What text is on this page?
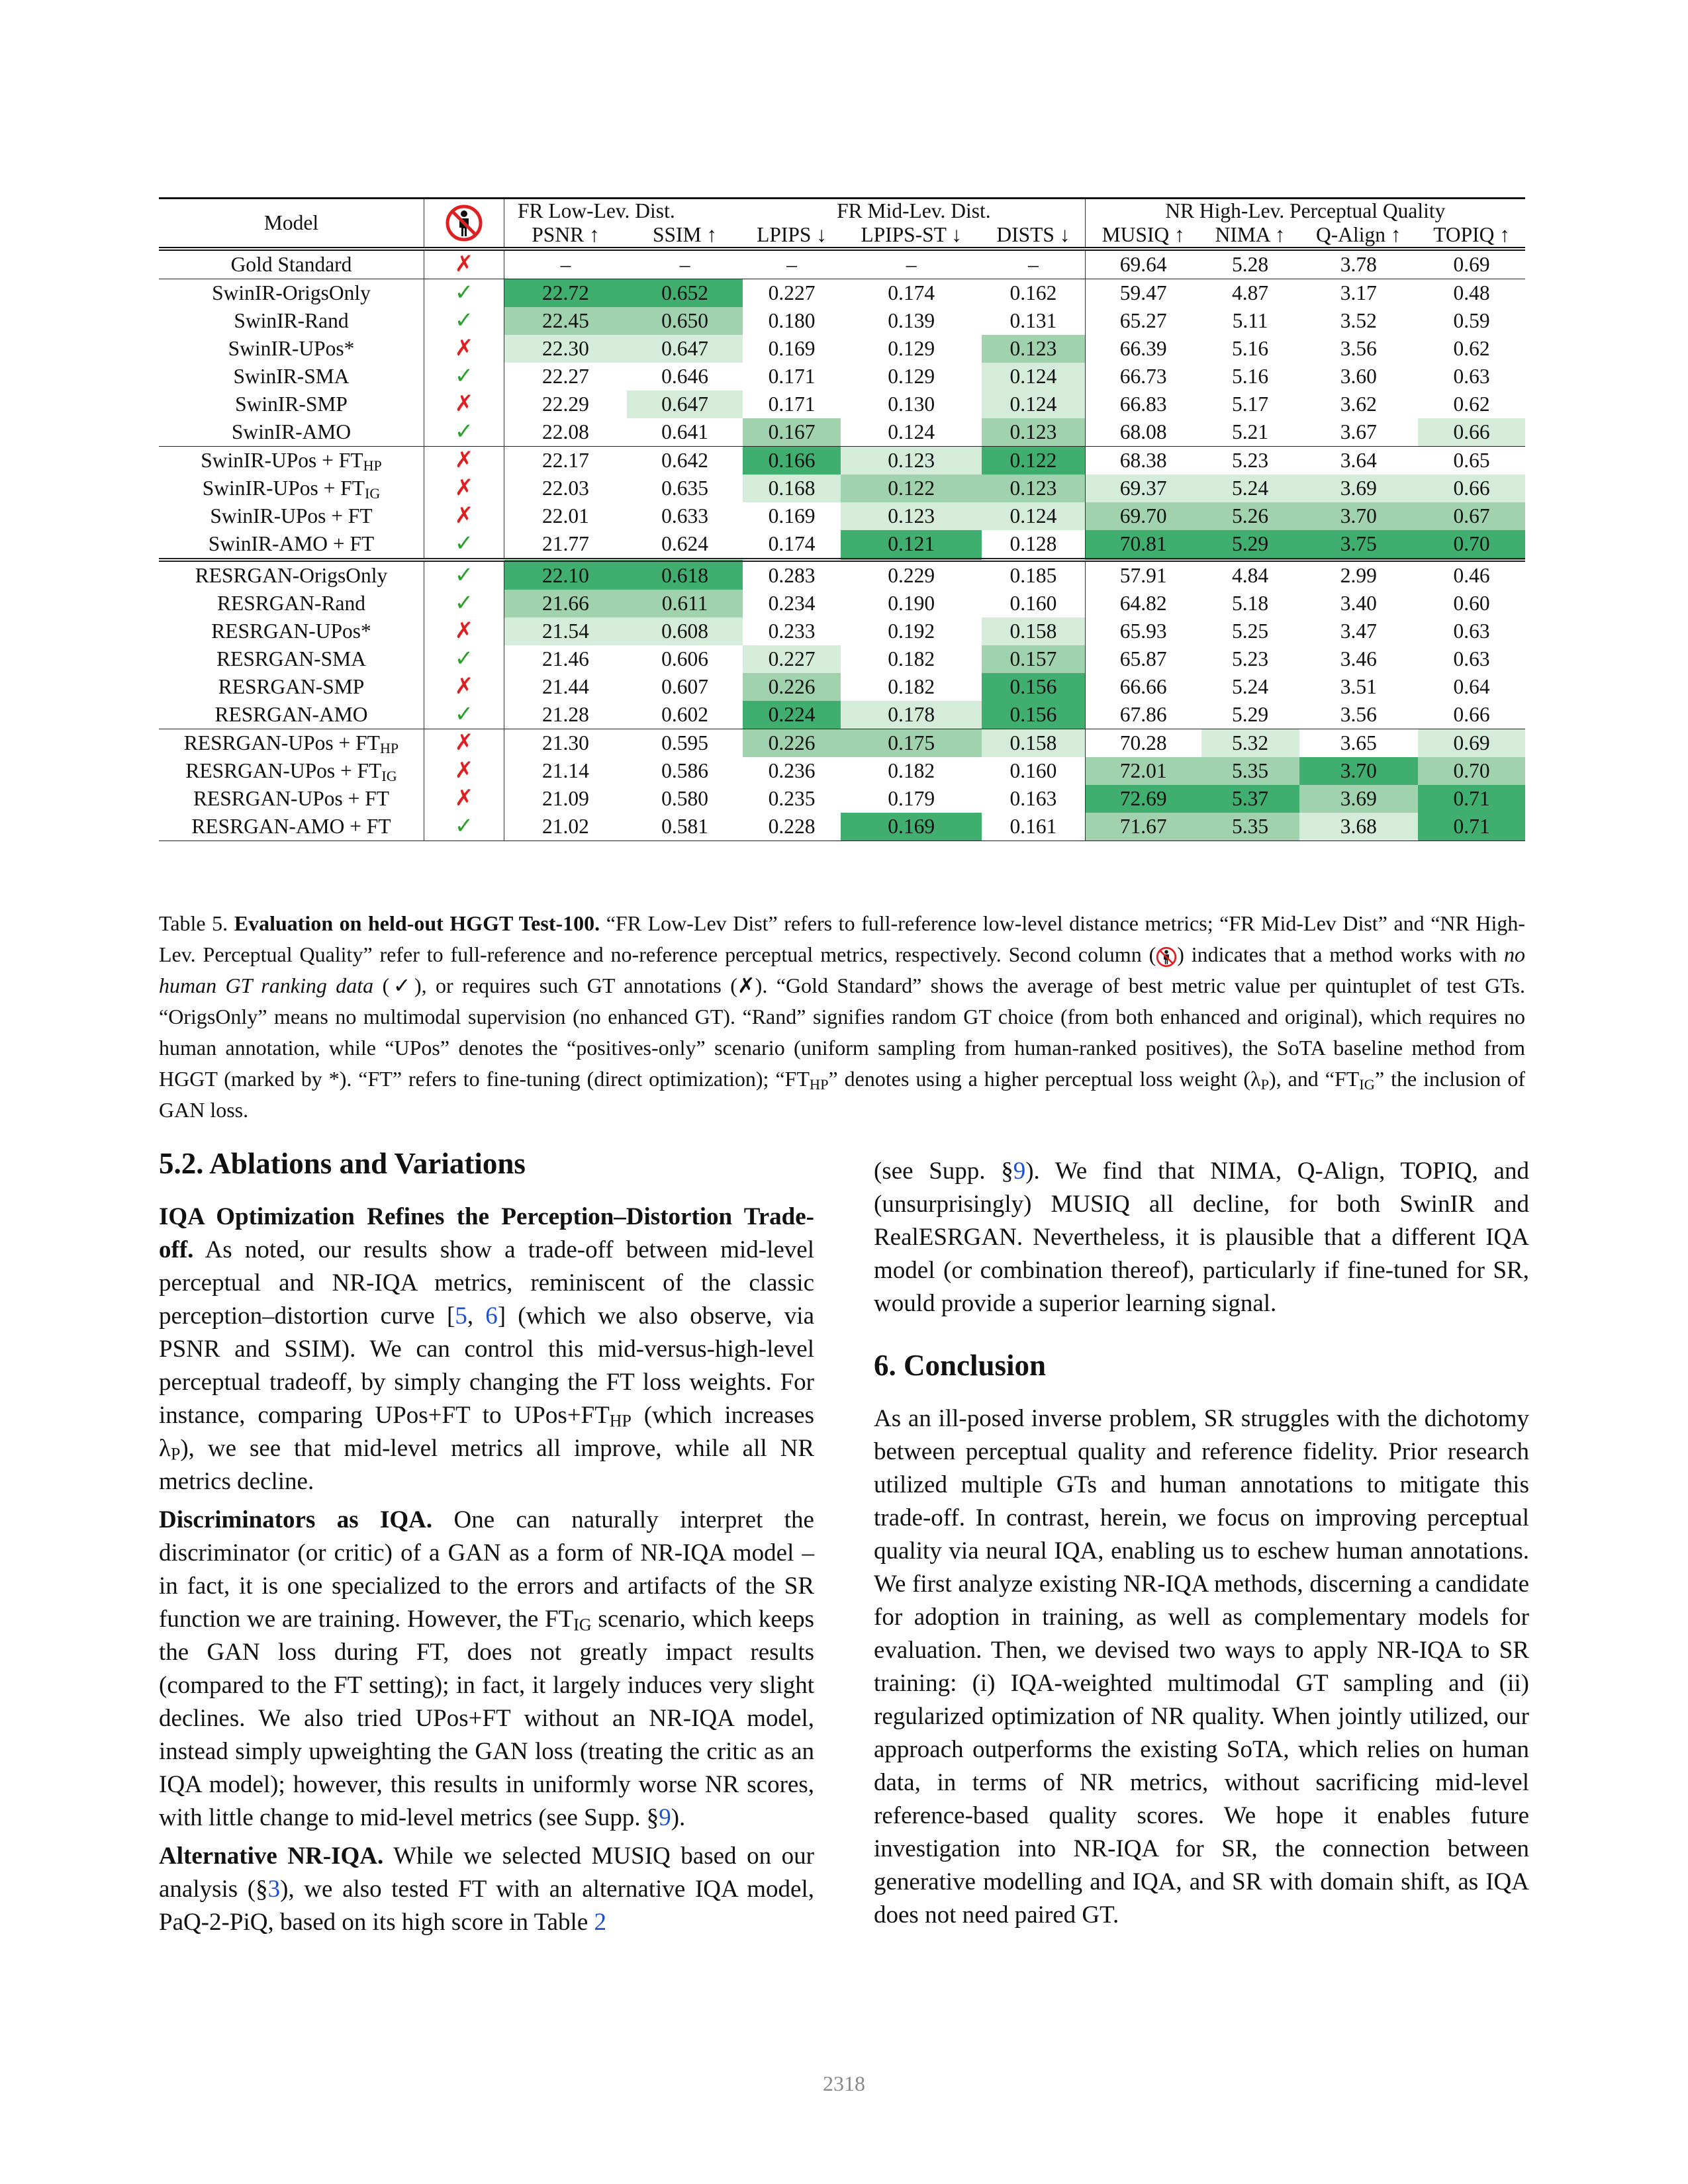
Model		FR Low-Lev. Dist.		FR Mid-Lev. Dist.			NR High-Lev. Perceptual Quality			
		PSNR ↑	SSIM ↑	LPIPS ↓	LPIPS-ST ↓	DISTS ↓	MUSIQ ↑	NIMA ↑	Q-Align ↑	TOPIQ ↑
Gold Standard	✗	–	–	–	–	–	69.64	5.28	3.78	0.69
SwinIR-OrigsOnly	✓	22.72	0.652	0.227	0.174	0.162	59.47	4.87	3.17	0.48
SwinIR-Rand	✓	22.45	0.650	0.180	0.139	0.131	65.27	5.11	3.52	0.59
SwinIR-UPos*	✗	22.30	0.647	0.169	0.129	0.123	66.39	5.16	3.56	0.62
SwinIR-SMA	✓	22.27	0.646	0.171	0.129	0.124	66.73	5.16	3.60	0.63
SwinIR-SMP	✗	22.29	0.647	0.171	0.130	0.124	66.83	5.17	3.62	0.62
SwinIR-AMO	✓	22.08	0.641	0.167	0.124	0.123	68.08	5.21	3.67	0.66
SwinIR-UPos + $FT_{HP}$	✗	22.17	0.642	0.166	0.123	0.122	68.38	5.23	3.64	0.65
SwinIR-UPos + $FT_{IG}$	✗	22.03	0.635	0.168	0.122	0.123	69.37	5.24	3.69	0.66
SwinIR-UPos + FT	✗	22.01	0.633	0.169	0.123	0.124	69.70	5.26	3.70	0.67
SwinIR-AMO + FT	✓	21.77	0.624	0.174	0.121	0.128	70.81	5.29	3.75	0.70
RESRGAN-OrigsOnly	✓	22.10	0.618	0.283	0.229	0.185	57.91	4.84	2.99	0.46
RESRGAN-Rand	✓	21.66	0.611	0.234	0.190	0.160	64.82	5.18	3.40	0.60
RESRGAN-UPos*	✗	21.54	0.608	0.233	0.192	0.158	65.93	5.25	3.47	0.63
RESRGAN-SMA	✓	21.46	0.606	0.227	0.182	0.157	65.87	5.23	3.46	0.63
RESRGAN-SMP	✗	21.44	0.607	0.226	0.182	0.156	66.66	5.24	3.51	0.64
RESRGAN-AMO	✓	21.28	0.602	0.224	0.178	0.156	67.86	5.29	3.56	0.66
RESRGAN-UPos + $FT_{HP}$	✗	21.30	0.595	0.226	0.175	0.158	70.28	5.32	3.65	0.69
RESRGAN-UPos + $FT_{IG}$	✗	21.14	0.586	0.236	0.182	0.160	72.01	5.35	3.70	0.70
RESRGAN-UPos + FT	✗	21.09	0.580	0.235	0.179	0.163	72.69	5.37	3.69	0.71
RESRGAN-AMO + FT	✓	21.02	0.581	0.228	0.169	0.161	71.67	5.35	3.68	0.71
Table 5. Evaluation on held-out HGGT Test-100. “FR Low-Lev Dist” refers to full-reference low-level distance metrics; “FR Mid-Lev Dist” and “NR High-Lev. Perceptual Quality” refer to full-reference and no-reference perceptual metrics, respectively. Second column ( ) indicates that a method works with no human GT ranking data (✓), or requires such GT annotations (✗). “Gold Standard” shows the average of best metric value per quintuplet of test GTs. “OrigsOnly” means no multimodal supervision (no enhanced GT). “Rand” signifies random GT choice (from both enhanced and original), which requires no human annotation, while “UPos” denotes the “positives-only” scenario (uniform sampling from human-ranked positives), the SoTA baseline method from HGGT (marked by *). “FT” refers to fine-tuning (direct optimization); “$FT_{HP}$” denotes using a higher perceptual loss weight $(\lambda_P)$, and “$FT_{IG}$” the inclusion of GAN loss.
5.2. Ablations and Variations

IQA Optimization Refines the Perception–Distortion Trade-off. As noted, our results show a trade-off between mid-level perceptual and NR-IQA metrics, reminiscent of the classic perception–distortion curve [5, 6] (which we also observe, via PSNR and SSIM). We can control this mid-versus-high-level perceptual tradeoff, by simply changing the FT loss weights. For instance, comparing UPos+FT to $UPos+FT_{HP}$ (which increases $\lambda_P$), we see that mid-level metrics all improve, while all NR metrics decline.

Discriminators as IQA. One can naturally interpret the discriminator (or critic) of a GAN as a form of NR-IQA model – in fact, it is one specialized to the errors and artifacts of the SR function we are training. However, the $FT_{IG}$ scenario, which keeps the GAN loss during FT, does not greatly impact results (compared to the FT setting); in fact, it largely induces very slight declines. We also tried UPos+FT without an NR-IQA model, instead simply upweighting the GAN loss (treating the critic as an IQA model); however, this results in uniformly worse NR scores, with little change to mid-level metrics (see Supp. §9).

Alternative NR-IQA. While we selected MUSIQ based on our analysis (§3), we also tested FT with an alternative IQA model, PaQ-2-PiQ, based on its high score in Table 2

(see Supp. §9). We find that NIMA, Q-Align, TOPIQ, and (unsurprisingly) MUSIQ all decline, for both SwinIR and RealESRGAN. Nevertheless, it is plausible that a different IQA model (or combination thereof), particularly if fine-tuned for SR, would provide a superior learning signal.

6. Conclusion

As an ill-posed inverse problem, SR struggles with the dichotomy between perceptual quality and reference fidelity. Prior research utilized multiple GTs and human annotations to mitigate this trade-off. In contrast, herein, we focus on improving perceptual quality via neural IQA, enabling us to eschew human annotations. We first analyze existing NR-IQA methods, discerning a candidate for adoption in training, as well as complementary models for evaluation. Then, we devised two ways to apply NR-IQA to SR training: (i) IQA-weighted multimodal GT sampling and (ii) regularized optimization of NR quality. When jointly utilized, our approach outperforms the existing SoTA, which relies on human data, in terms of NR metrics, without sacrificing mid-level reference-based quality scores. We hope it enables future investigation into NR-IQA for SR, the connection between generative modelling and IQA, and SR with domain shift, as IQA does not need paired GT.

2318
